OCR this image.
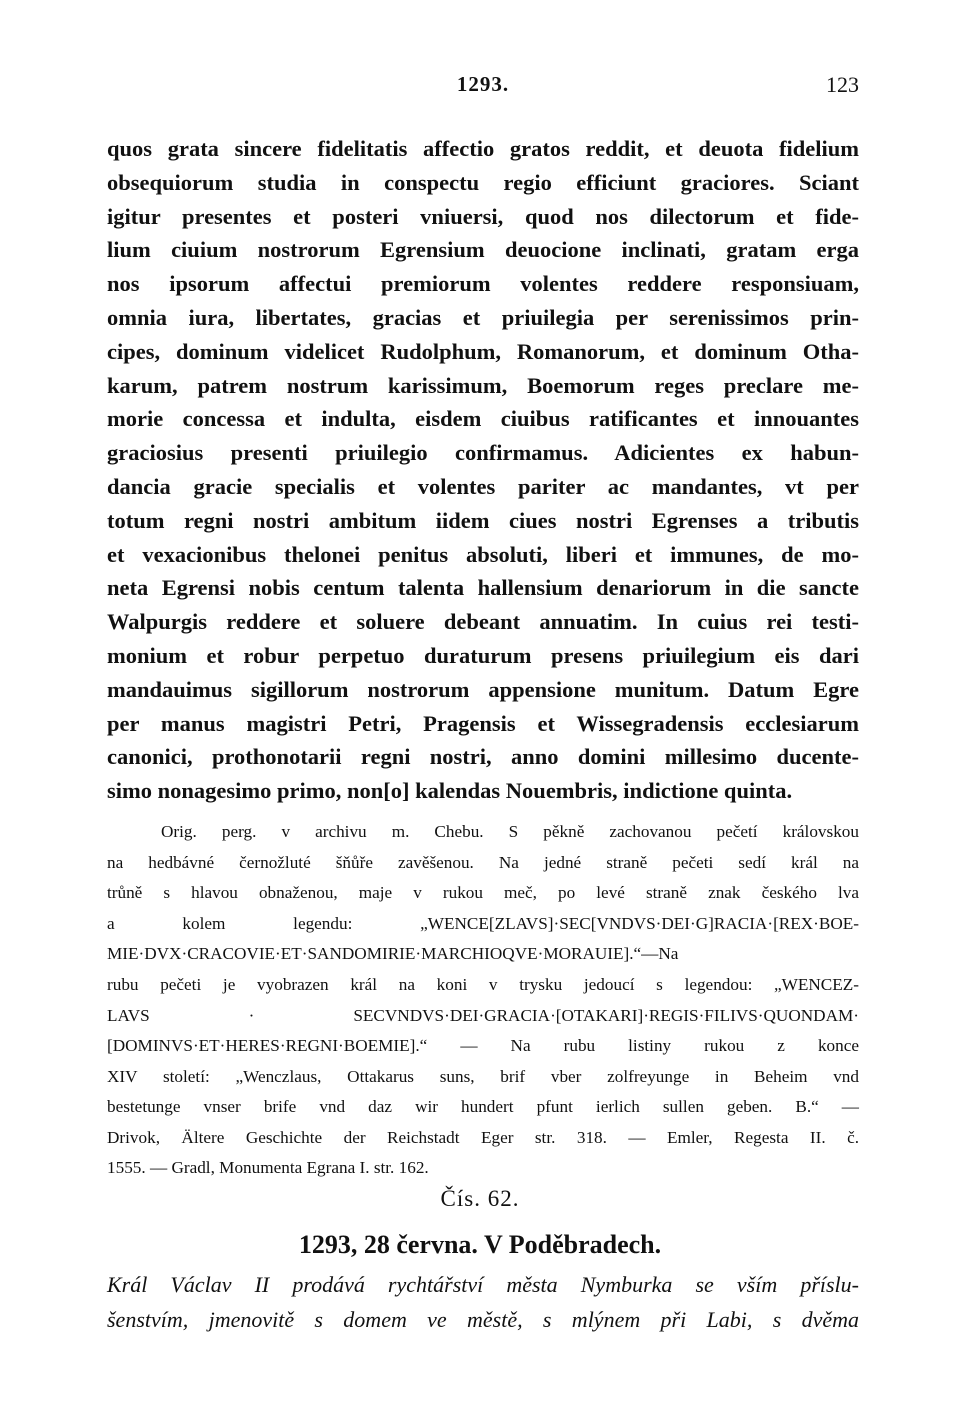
1293.	123
quos grata sincere fidelitatis affectio gratos reddit, et deuota fidelium
obsequiorum studia in conspectu regio efficiunt graciores. Sciant
igitur presentes et posteri vniuersi, quod nos dilectorum et fide-
lium ciuium nostrorum Egrensium deuocione inclinati, gratam erga
nos ipsorum affectui premiorum volentes reddere responsiuam,
omnia iura, libertates, gracias et priuilegia per serenissimos prin-
cipes, dominum videlicet Rudolphum, Romanorum, et dominum Otha-
karum, patrem nostrum karissimum, Boemorum reges preclare me-
morie concessa et indulta, eisdem ciuibus ratificantes et innouantes
graciosius presenti priuilegio confirmamus. Adicientes ex habun-
dancia gracie specialis et volentes pariter ac mandantes, vt per
totum regni nostri ambitum iidem ciues nostri Egrenses a tributis
et vexacionibus thelonei penitus absoluti, liberi et immunes, de mo-
neta Egrensi nobis centum talenta hallensium denariorum in die sancte
Walpurgis reddere et soluere debeant annuatim. In cuius rei testi-
monium et robur perpetuo duraturum presens priuilegium eis dari
mandauimus sigillorum nostrorum appensione munitum. Datum Egre
per manus magistri Petri, Pragensis et Wissegradensis ecclesiarum
canonici, prothonotarii regni nostri, anno domini millesimo ducente-
simo nonagesimo primo, non[o] kalendas Nouembris, indictione quinta.
Orig. perg. v archivu m. Chebu. S pěkně zachovanou pečetí královskou
na hedbávné černožluté šňůře zavěšenou. Na jedné straně pečeti sedí král na
trůně s hlavou obnaženou, maje v rukou meč, po levé straně znak českého lva
a kolem legendu: „WENCE[ZLAVS]·SEC[VNDVS·DEI·G]RACIA·[REX·BOE-
MIE·DVX·CRACOVIE·ET·SANDOMIRIE·MARCHIOQVE·MORAUIE].“—Na
rubu pečeti je vyobrazen král na koni v trysku jedoucí s legendou: „WENCEZ-
LAVS · SECVNDVS·DEI·GRACIA·[OTAKARI]·REGIS·FILIVS·QUONDAM·
[DOMINVS·ET·HERES·REGNI·BOEMIE].“ — Na rubu listiny rukou z konce
XIV století: „Wenczlaus, Ottakarus suns, brif vber zolfreyunge in Beheim vnd
bestetunge vnser brife vnd daz wir hundert pfunt ierlich sullen geben. B.“ —
Drivok, Ältere Geschichte der Reichstadt Eger str. 318. — Emler, Regesta II. č.
1555. — Gradl, Monumenta Egrana I. str. 162.
Čís. 62.
1293, 28 června. V Poděbradech.
Král Václav II prodává rychtářství města Nymburka se vším příslu-
šenstvím, jmenovitě s domem ve městě, s mlýnem při Labi, s dvěma
